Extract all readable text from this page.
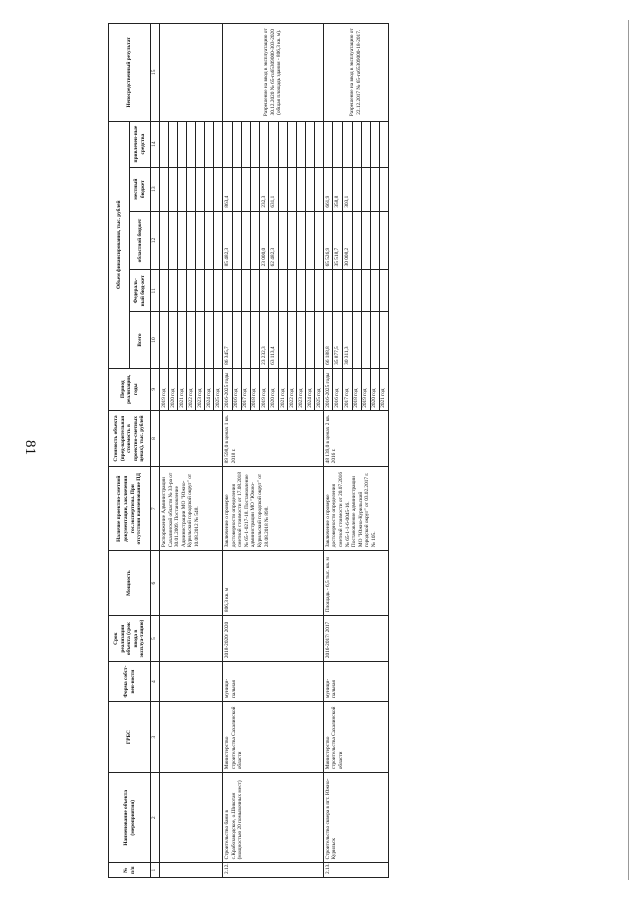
81
№ п/п	Наименование объекта (мероприятия)	ГРБС	Форма собст-вен-ности	Срок реализации объекта (срок ввода в эксплуа-тацию)	Мощность	Наличие проектно-сметной документации, заключения гос.экспертизы. При отсутствии наименование ПД	Стоимость объекта (пред-варительная стоимость в проектно-сметных ценах), тыс. рублей	Период реализации, годы	Объем финансирования, тыс. рублей					Непосредственный результат
									Всего	Федераль-ный бюд-жет	областной бюджет	местный бюджет	привлечен-ные средства	
1	2	3	4	5	6	7	8	9	10	11	12	13	14	15
						Распоряжение Администрации Сахалинской области № 33-ра от 30.01.2009. Постановление Администрации МО "Южно-Курильский городской округ" от 10.08.2012 № 548.		2019 год						
								2020 год						
								2021 год						
								2022 год						
								2023 год						
								2024 год						
								2025 год						
2.12.	Строительство бани в с.Крабозаводское, о.Шикотан (мощностью 20 помывочных мест)	Министерство строительства Сахалинской области	муници-пальная	2018-2020/ 2020	806,3 кв. м	Заключение о проверке достоверности определения сметной стоимости от 17.08.2018 № 65-1-0217-18. Постановление администрации МО "Южно-Курильский городской округ" от 28.08.2018 № 898.	89 598,0 в ценах 1 кв. 2018 г.	2016-2025 годы	86 345,7		85 482,3	863,4		Разрешение на ввод в эксплуатацию от 30.12.2020 № 65-ru65309000-303-2020 (общая площадь здания - 806,3 кв. м).
								2016 год						
								2017 год						
								2018 год						
								2019 год	23 232,3		23 000,0	232,3		
								2020 год	63 113,4		62 482,3	631,1		
								2021 год						
								2022 год						
								2023 год						
								2024 год						
								2025 год						
2.13.	Строительство сквера в пгт. Южно-Курильск	Министерство строительства Сахалинской области	муници-пальная	2016-2017/ 2017	Площадь - 6,5 тыс. кв. м	Заключение о проверке достоверности определения сметной стоимости от 20.07.2016 № 65-1-1-6-0045-16. Постановление администрации МО "Южно-Курильский городской округ" от 03.02.2017 г. № 105.	48 139,0 в ценах 2 кв. 2016 г.	2016-2025 годы	66 188,8		65 526,9	661,9		Разрешение на ввод в эксплуатацию от 22.12.2017 № 65-ru65309000-18-2017.
								2016 год	35 877,5		35 518,7	358,8		
								2017 год	30 311,3		30 008,2	303,1		
								2018 год						
								2019 год						
								2020 год						
								2021 год						
